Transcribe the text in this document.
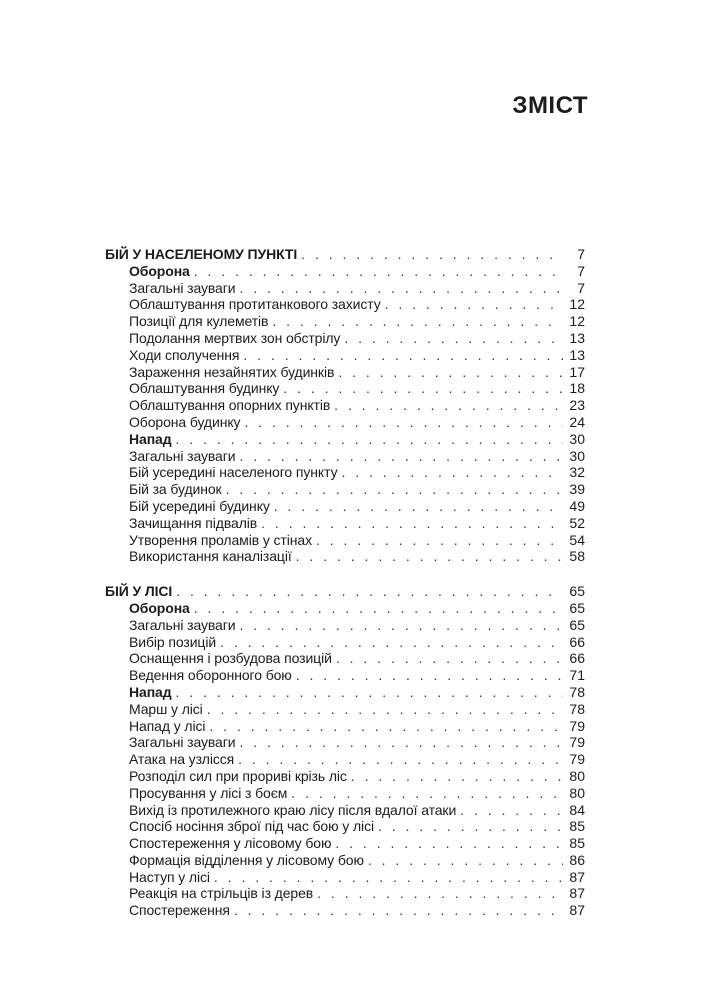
ЗМІСТ
БІЙ У НАСЕЛЕНОМУ ПУНКТІ . . .	7
Оборона . . .	7
Загальні зауваги . . .	7
Облаштування протитанкового захисту . . .	12
Позиції для кулеметів . . .	12
Подолання мертвих зон обстрілу . . .	13
Ходи сполучення . . .	13
Зараження незайнятих будинків . . .	17
Облаштування будинку . . .	18
Облаштування опорних пунктів . . .	23
Оборона будинку . . .	24
Напад . . .	30
Загальні зауваги . . .	30
Бій усередині населеного пункту . . .	32
Бій за будинок . . .	39
Бій усередині будинку . . .	49
Зачищання підвалів . . .	52
Утворення проламів у стінах . . .	54
Використання каналізації . . .	58
БІЙ У ЛІСІ . . .	65
Оборона . . .	65
Загальні зауваги . . .	65
Вибір позицій . . .	66
Оснащення і розбудова позицій . . .	66
Ведення оборонного бою . . .	71
Напад . . .	78
Марш у лісі . . .	78
Напад у лісі . . .	79
Загальні зауваги . . .	79
Атака на узлісся . . .	79
Розподіл сил при прориві крізь ліс . . .	80
Просування у лісі з боєм . . .	80
Вихід із протилежного краю лісу після вдалої атаки . . .	84
Спосіб носіння зброї під час бою у лісі . . .	85
Спостереження у лісовому бою . . .	85
Формація відділення у лісовому бою . . .	86
Наступ у лісі . . .	87
Реакція на стрільців із дерев . . .	87
Спостереження . . .	87
